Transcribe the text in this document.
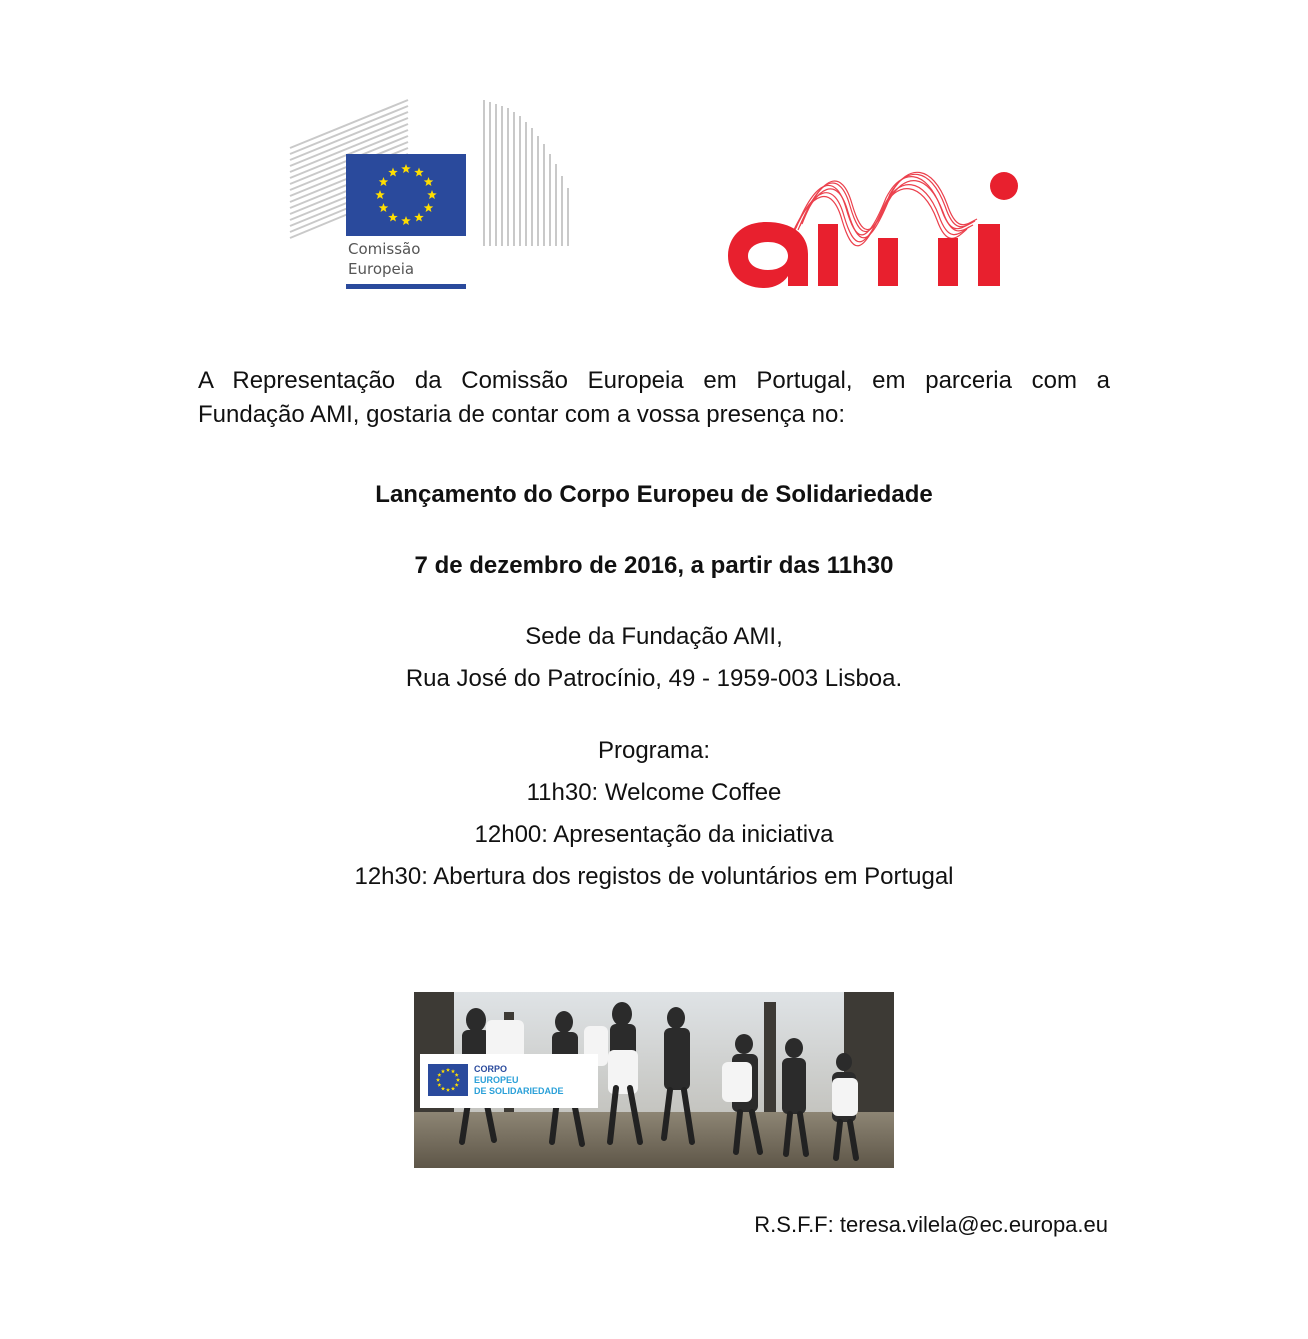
Comissão
Europeia
A Representação da Comissão Europeia em Portugal, em parceria com a
Fundação AMI, gostaria de contar com a vossa presença no:
Lançamento do Corpo Europeu de Solidariedade
7 de dezembro de 2016, a partir das 11h30
Sede da Fundação AMI,
Rua José do Patrocínio, 49 - 1959-003 Lisboa.
Programa:
11h30: Welcome Coffee
12h00: Apresentação da iniciativa
12h30: Abertura dos registos de voluntários em Portugal
CORPO
EUROPEU
DE SOLIDARIEDADE
R.S.F.F: teresa.vilela@ec.europa.eu
